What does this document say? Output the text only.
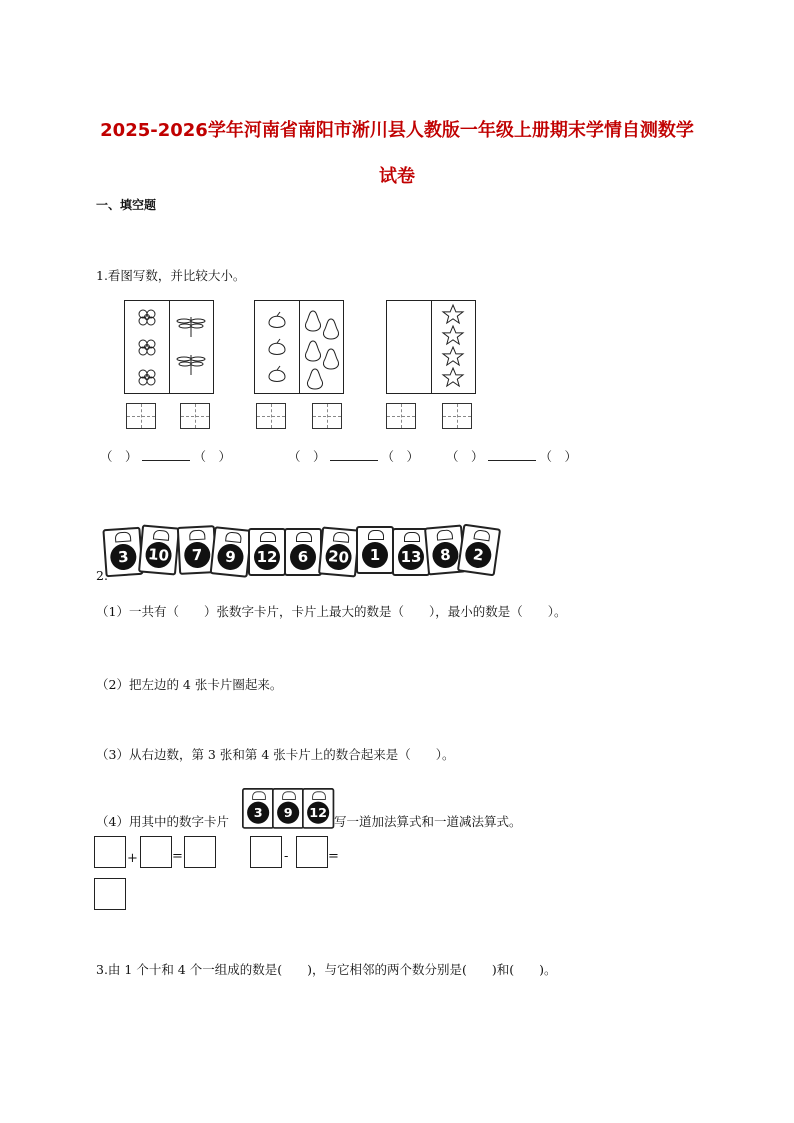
2025-2026学年河南省南阳市淅川县人教版一年级上册期末学情自测数学
试卷
一、填空题
1.看图写数，并比较大小。
（　）	（　）	（　）	（　） （　）	（　）
3	10	7	9	12	6	20	1	13	8	2
2.
（1）一共有（　　）张数字卡片，卡片上最大的数是（　　），最小的数是（　　）。
（2）把左边的 4 张卡片圈起来。
（3）从右边数，第 3 张和第 4 张卡片上的数合起来是（　　）。
（4）用其中的数字卡片
3	9	12
写一道加法算式和一道减法算式。
+	=	-	=
3.由 1 个十和 4 个一组成的数是(　　)，与它相邻的两个数分别是(　　)和(　　)。
